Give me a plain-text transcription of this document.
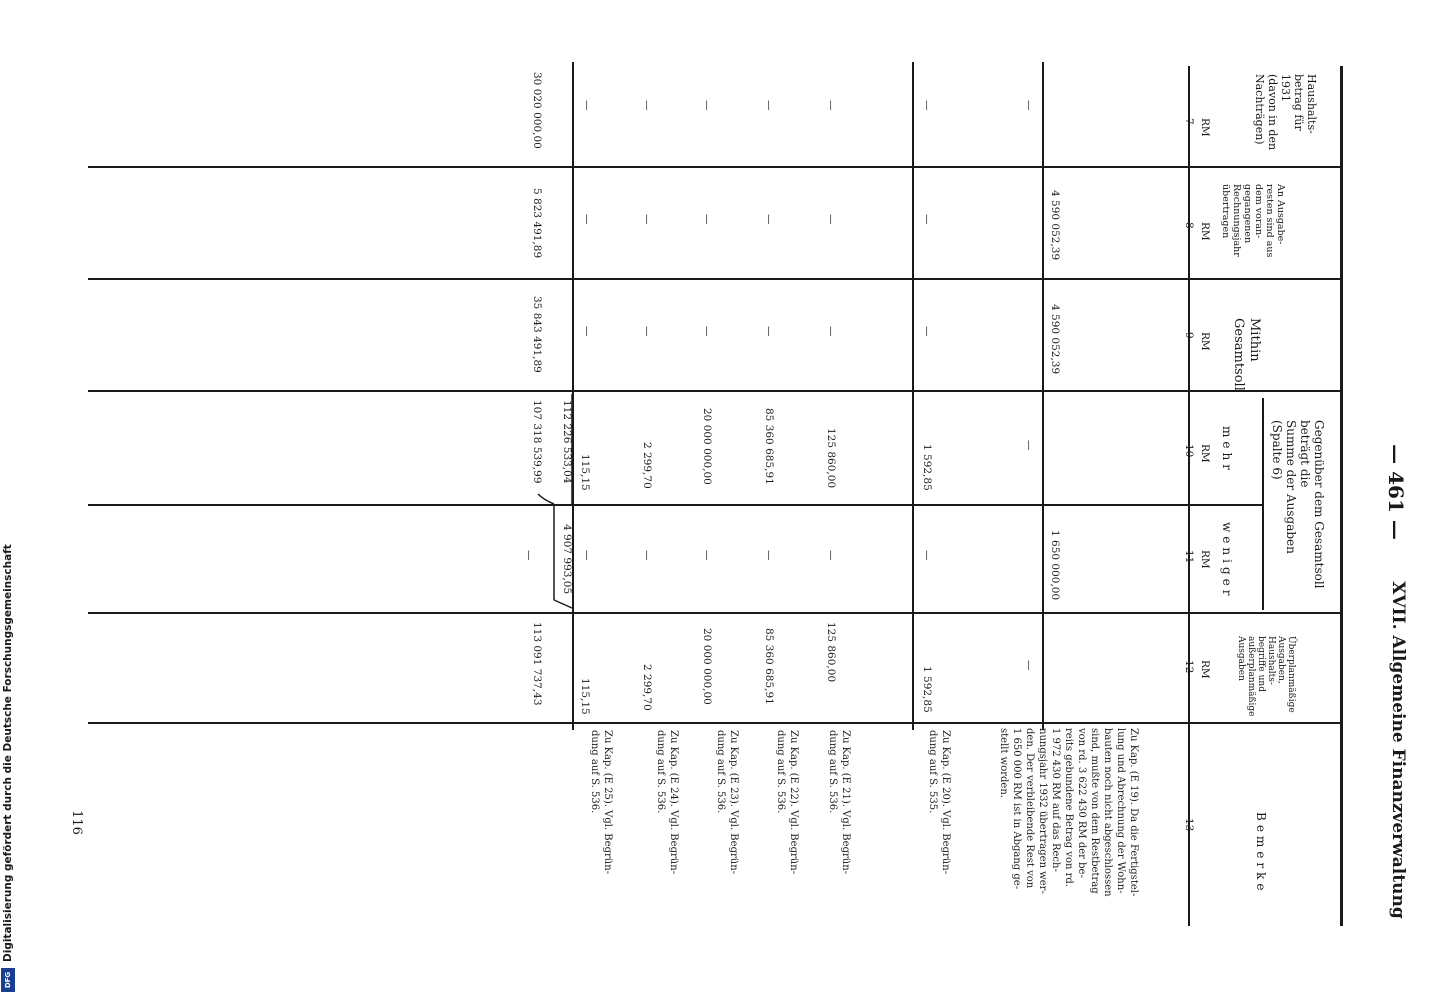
Digitalisierung gefördert durch die Deutsche Forschungsgemeinschaft
DFG
116
— 461 —
XVII. Allgemeine Finanzverwaltung
Haushalts-
betrag für
1931
(davon in den
Nachträgen)
An Ausgabe-
resten sind aus
dem voran-
gegangenen
Rechnungsjahr
übertragen
Mithin
Gesamtsoll
Gegenüber dem Gesamtsoll
beträgt die
Summe der Ausgaben
(Spalte 6)
mehr
weniger
Überplanmäßige
Ausgaben,
Haushalts-
begriffe und
außerplanmäßige
Ausgaben
Bemerke
RM
7
RM
8
RM
9
RM
10
RM
11
RM
12
13
—
4 590 052,39
4 590 052,39
—
1 650 000,00
—
Zu Kap. (E 19). Da die Fertigstel-
lung und Abrechnung der Wohn-
bauten noch nicht abgeschlossen
sind, mußte von dem Restbetrag
von rd. 3 622 430 RM der be-
reits gebundene Betrag von rd.
1 972 430 RM auf das Rech-
nungsjahr 1932 übertragen wer-
den. Der verbleibende Rest von
1 650 000 RM ist in Abgang ge-
stellt worden.
—
—
—
1 592,85
—
1 592,85
Zu Kap. (E 20). Vgl. Begrün-
dung auf S. 535.
—
—
—
125 860,00
—
125 860,00
Zu Kap. (E 21). Vgl. Begrün-
dung auf S. 536.
—
—
—
85 360 685,91
—
85 360 685,91
Zu Kap. (E 22). Vgl. Begrün-
dung auf S. 536.
—
—
—
20 000 000,00
—
20 000 000,00
Zu Kap. (E 23). Vgl. Begrün-
dung auf S. 536.
—
—
—
2 299,70
—
2 299,70
Zu Kap. (E 24). Vgl. Begrün-
dung auf S. 536.
—
—
—
115,15
—
115,15
Zu Kap. (E 25). Vgl. Begrün-
dung auf S. 536.
30 020 000,00
5 823 491,89
35 843 491,89
112 226 533,04
4 907 993,05
107 318 539,99
—
113 091 737,43
